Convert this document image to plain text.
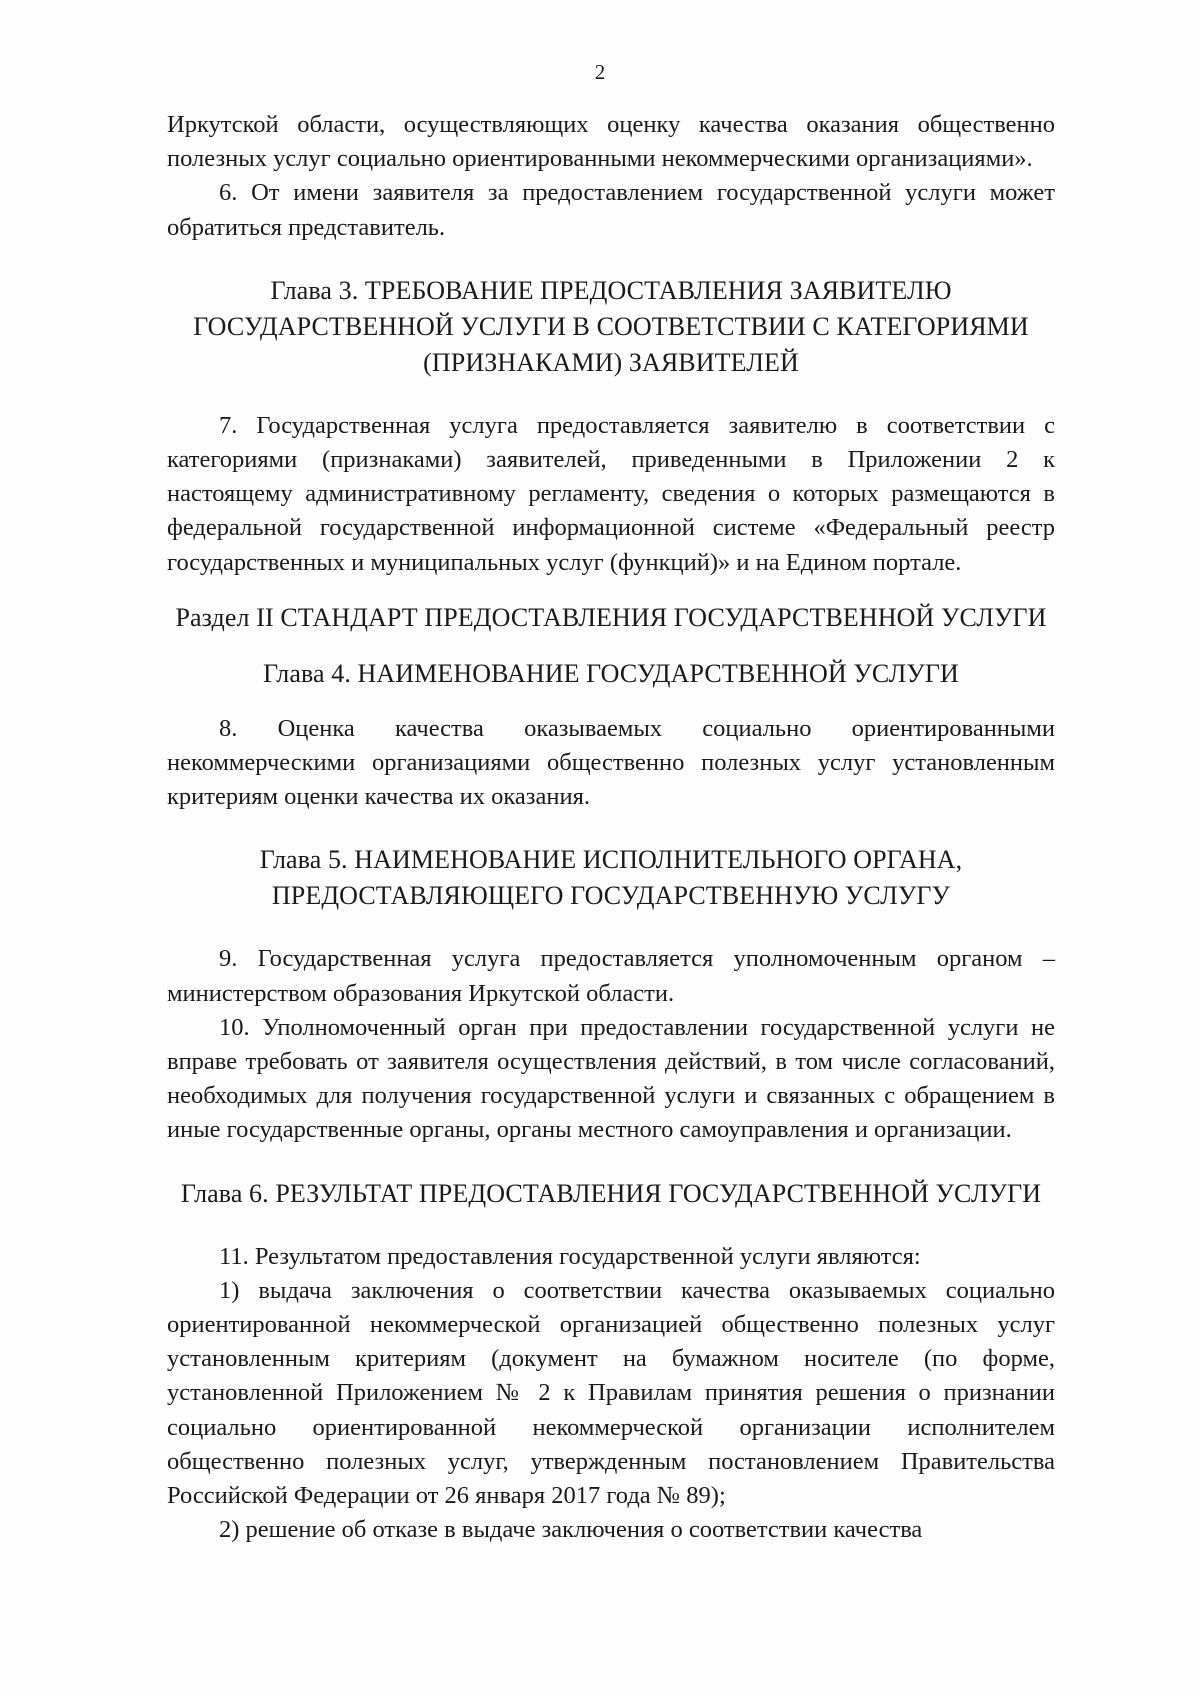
2

Иркутской области, осуществляющих оценку качества оказания общественно полезных услуг социально ориентированными некоммерческими организациями».

6. От имени заявителя за предоставлением государственной услуги может обратиться представитель.

Глава 3. ТРЕБОВАНИЕ ПРЕДОСТАВЛЕНИЯ ЗАЯВИТЕЛЮ
ГОСУДАРСТВЕННОЙ УСЛУГИ В СООТВЕТСТВИИ С КАТЕГОРИЯМИ
(ПРИЗНАКАМИ) ЗАЯВИТЕЛЕЙ

7. Государственная услуга предоставляется заявителю в соответствии с категориями (признаками) заявителей, приведенными в Приложении 2 к настоящему административному регламенту, сведения о которых размещаются в федеральной государственной информационной системе «Федеральный реестр государственных и муниципальных услуг (функций)» и на Едином портале.

Раздел II СТАНДАРТ ПРЕДОСТАВЛЕНИЯ ГОСУДАРСТВЕННОЙ УСЛУГИ
Глава 4. НАИМЕНОВАНИЕ ГОСУДАРСТВЕННОЙ УСЛУГИ

8. Оценка качества оказываемых социально ориентированными некоммерческими организациями общественно полезных услуг установленным критериям оценки качества их оказания.

Глава 5. НАИМЕНОВАНИЕ ИСПОЛНИТЕЛЬНОГО ОРГАНА,
ПРЕДОСТАВЛЯЮЩЕГО ГОСУДАРСТВЕННУЮ УСЛУГУ

9. Государственная услуга предоставляется уполномоченным органом – министерством образования Иркутской области.

10. Уполномоченный орган при предоставлении государственной услуги не вправе требовать от заявителя осуществления действий, в том числе согласований, необходимых для получения государственной услуги и связанных с обращением в иные государственные органы, органы местного самоуправления и организации.

Глава 6. РЕЗУЛЬТАТ ПРЕДОСТАВЛЕНИЯ ГОСУДАРСТВЕННОЙ УСЛУГИ

11. Результатом предоставления государственной услуги являются:

1) выдача заключения о соответствии качества оказываемых социально ориентированной некоммерческой организацией общественно полезных услуг установленным критериям (документ на бумажном носителе (по форме, установленной Приложением № 2 к Правилам принятия решения о признании социально ориентированной некоммерческой организации исполнителем общественно полезных услуг, утвержденным постановлением Правительства Российской Федерации от 26 января 2017 года № 89);

2) решение об отказе в выдаче заключения о соответствии качества
